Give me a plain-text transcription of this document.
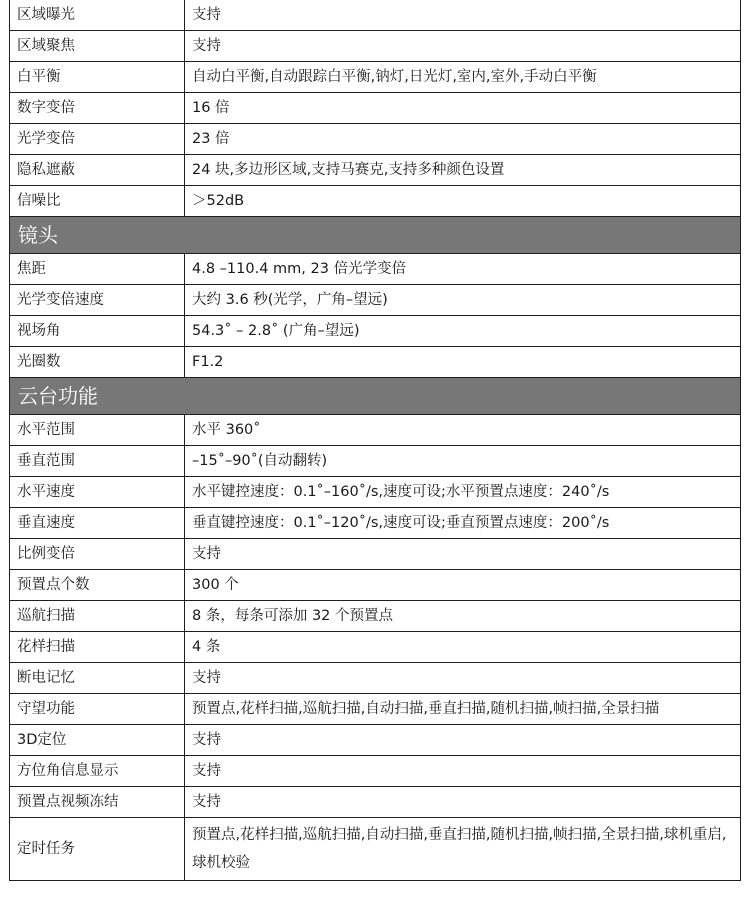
区域曝光	支持
区域聚焦	支持
白平衡	自动白平衡,自动跟踪白平衡,钠灯,日光灯,室内,室外,手动白平衡
数字变倍	16 倍
光学变倍	23 倍
隐私遮蔽	24 块,多边形区域,支持马赛克,支持多种颜色设置
信噪比	＞52dB
镜头	
焦距	4.8 –110.4 mm, 23 倍光学变倍
光学变倍速度	大约 3.6 秒(光学，广角–望远)
视场角	54.3˚ – 2.8˚ (广角–望远)
光圈数	F1.2
云台功能	
水平范围	水平 360˚
垂直范围	–15˚–90˚(自动翻转)
水平速度	水平键控速度：0.1˚–160˚/s,速度可设;水平预置点速度：240˚/s
垂直速度	垂直键控速度：0.1˚–120˚/s,速度可设;垂直预置点速度：200˚/s
比例变倍	支持
预置点个数	300 个
巡航扫描	8 条，每条可添加 32 个预置点
花样扫描	4 条
断电记忆	支持
守望功能	预置点,花样扫描,巡航扫描,自动扫描,垂直扫描,随机扫描,帧扫描,全景扫描
3D定位	支持
方位角信息显示	支持
预置点视频冻结	支持
定时任务	预置点,花样扫描,巡航扫描,自动扫描,垂直扫描,随机扫描,帧扫描,全景扫描,球机重启,球机校验
